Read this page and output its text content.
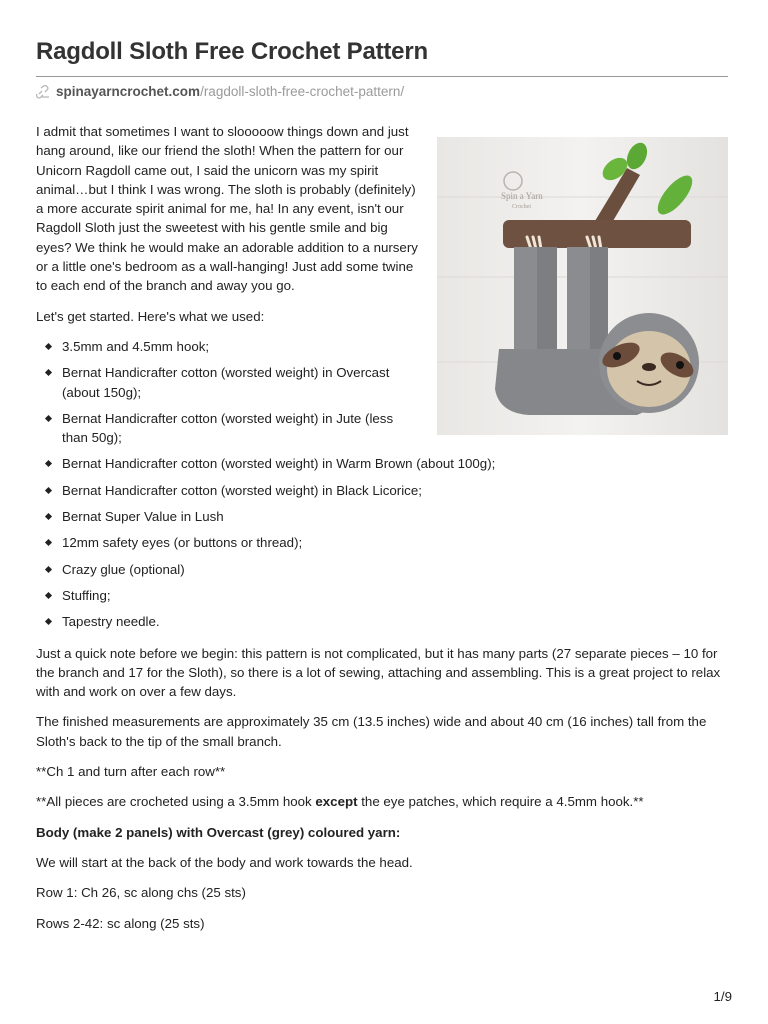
Ragdoll Sloth Free Crochet Pattern
spinayarncrochet.com /ragdoll-sloth-free-crochet-pattern/

I admit that sometimes I want to slooooow things down and just hang around, like our friend the sloth! When the pattern for our Unicorn Ragdoll came out, I said the unicorn was my spirit animal…but I think I was wrong. The sloth is probably (definitely) a more accurate spirit animal for me, ha! In any event, isn't our Ragdoll Sloth just the sweetest with his gentle smile and big eyes? We think he would make an adorable addition to a nursery or a little one's bedroom as a wall-hanging! Just add some twine to each end of the branch and away you go.

Let's get started. Here's what we used:

3.5mm and 4.5mm hook;
Bernat Handicrafter cotton (worsted weight) in Overcast (about 150g);
Bernat Handicrafter cotton (worsted weight) in Jute (less than 50g);
Bernat Handicrafter cotton (worsted weight) in Warm Brown (about 100g);
Bernat Handicrafter cotton (worsted weight) in Black Licorice;
Bernat Super Value in Lush
12mm safety eyes (or buttons or thread);
Crazy glue (optional)
Stuffing;
Tapestry needle.

Just a quick note before we begin: this pattern is not complicated, but it has many parts (27 separate pieces – 10 for the branch and 17 for the Sloth), so there is a lot of sewing, attaching and assembling. This is a great project to relax with and work on over a few days.

The finished measurements are approximately 35 cm (13.5 inches) wide and about 40 cm (16 inches) tall from the Sloth's back to the tip of the small branch.

**Ch 1 and turn after each row**

**All pieces are crocheted using a 3.5mm hook except the eye patches, which require a 4.5mm hook.**

Body (make 2 panels) with Overcast (grey) coloured yarn:

We will start at the back of the body and work towards the head.

Row 1: Ch 26, sc along chs (25 sts)

Rows 2-42: sc along (25 sts)

Spin a Yarn
Crochet
1/9
